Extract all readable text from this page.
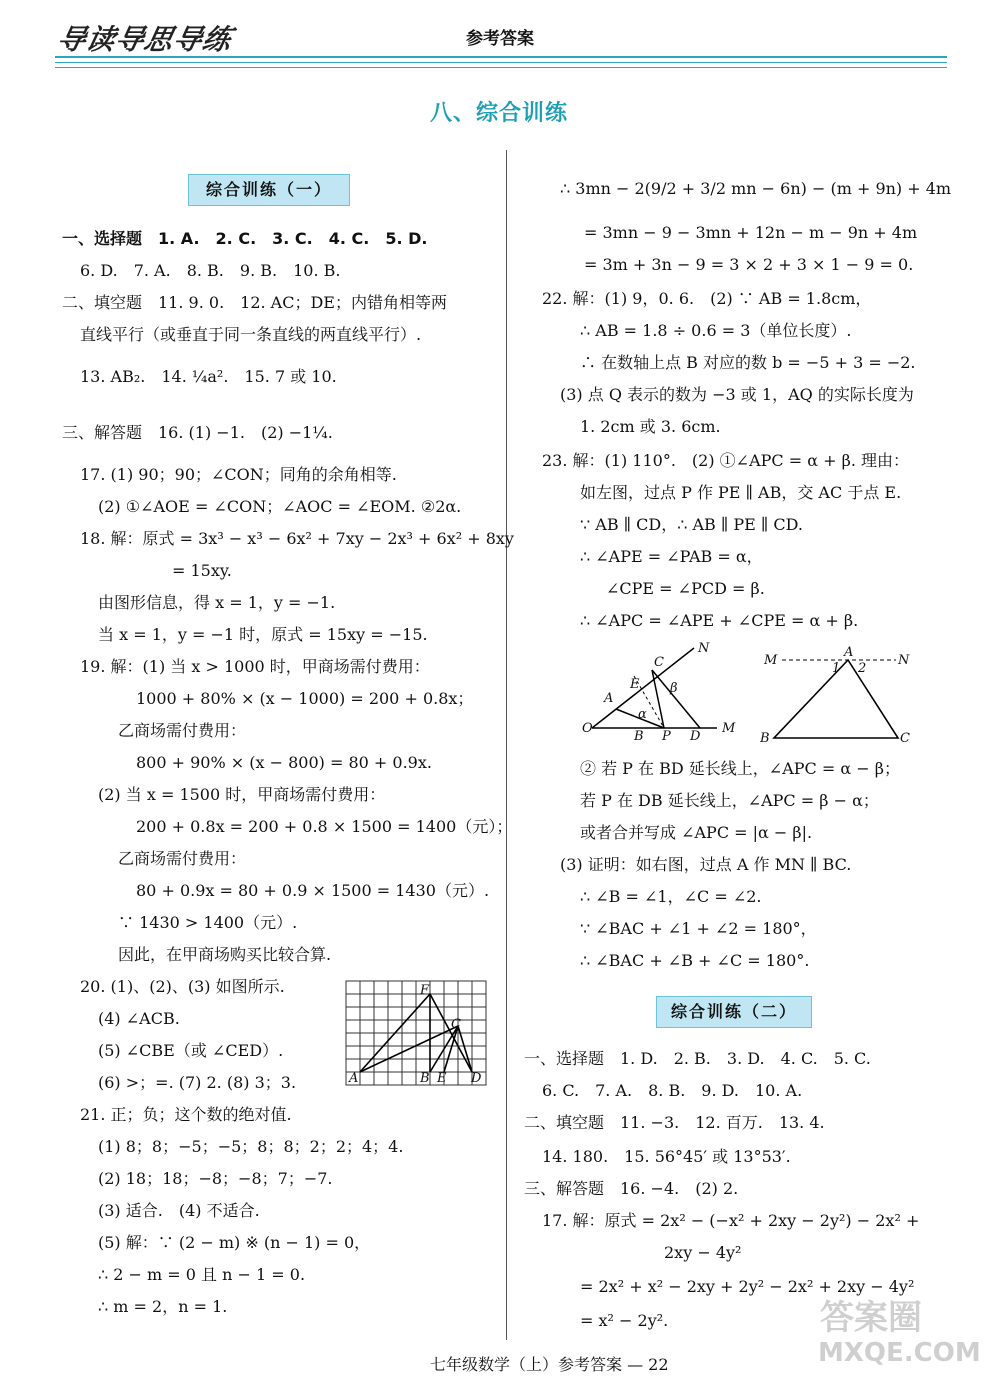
导读导思导练	参考答案
八、综合训练
综合训练（一）
一、选择题　1. A.　2. C.　3. C.　4. C.　5. D.
6. D.　7. A.　8. B.　9. B.　10. B.
二、填空题　11. 9. 0.　12. AC；DE；内错角相等两
直线平行（或垂直于同一条直线的两直线平行）.
13. AB₂.　14. ¼a².　15. 7 或 10.
三、解答题　16. (1) −1.　(2) −1¼.
17. (1) 90；90；∠CON；同角的余角相等.
(2) ①∠AOE = ∠CON；∠AOC = ∠EOM. ②2α.
18. 解：原式 = 3x³ − x³ − 6x² + 7xy − 2x³ + 6x² + 8xy
= 15xy.
由图形信息，得 x = 1，y = −1.
当 x = 1，y = −1 时，原式 = 15xy = −15.
19. 解：(1) 当 x > 1000 时，甲商场需付费用：
1000 + 80% × (x − 1000) = 200 + 0.8x；
乙商场需付费用：
800 + 90% × (x − 800) = 80 + 0.9x.
(2) 当 x = 1500 时，甲商场需付费用：
200 + 0.8x = 200 + 0.8 × 1500 = 1400（元）；
乙商场需付费用：
80 + 0.9x = 80 + 0.9 × 1500 = 1430（元）.
∵ 1430 > 1400（元）.
因此，在甲商场购买比较合算.
20. (1)、(2)、(3) 如图所示.
(4) ∠ACB.
(5) ∠CBE（或 ∠CED）.
(6) >；=. (7) 2. (8) 3；3.
21. 正；负；这个数的绝对值.
(1) 8；8；−5；−5；8；8；2；2；4；4.
(2) 18；18；−8；−8；7；−7.
(3) 适合.　(4) 不适合.
(5) 解：∵ (2 − m) ※ (n − 1) = 0，
∴ 2 − m = 0 且 n − 1 = 0.
∴ m = 2，n = 1.
F
C
A	B E D
∴ 3mn − 2(9/2 + 3/2 mn − 6n) − (m + 9n) + 4m
= 3mn − 9 − 3mn + 12n − m − 9n + 4m
= 3m + 3n − 9 = 3 × 2 + 3 × 1 − 9 = 0.
22. 解：(1) 9，0. 6.　(2) ∵ AB = 1.8cm，
∴ AB = 1.8 ÷ 0.6 = 3（单位长度）.
∴ 在数轴上点 B 对应的数 b = −5 + 3 = −2.
(3) 点 Q 表示的数为 −3 或 1，AQ 的实际长度为
1. 2cm 或 3. 6cm.
23. 解：(1) 110°.　(2) ①∠APC = α + β. 理由：
如左图，过点 P 作 PE ∥ AB，交 AC 于点 E.
∵ AB ∥ CD，∴ AB ∥ PE ∥ CD.
∴ ∠APE = ∠PAB = α，
∠CPE = ∠PCD = β.
∴ ∠APC = ∠APE + ∠CPE = α + β.
N
C
E
A
β
α
O
B P D
M
M
A
1 2
N
B	C
② 若 P 在 BD 延长线上，∠APC = α − β；
若 P 在 DB 延长线上，∠APC = β − α；
或者合并写成 ∠APC = |α − β|.
(3) 证明：如右图，过点 A 作 MN ∥ BC.
∴ ∠B = ∠1，∠C = ∠2.
∵ ∠BAC + ∠1 + ∠2 = 180°，
∴ ∠BAC + ∠B + ∠C = 180°.
综合训练（二）
一、选择题　1. D.　2. B.　3. D.　4. C.　5. C.
6. C.　7. A.　8. B.　9. D.　10. A.
二、填空题　11. −3.　12. 百万.　13. 4.
14. 180.　15. 56°45′ 或 13°53′.
三、解答题　16. −4.　(2) 2.
17. 解：原式 = 2x² − (−x² + 2xy − 2y²) − 2x² +
2xy − 4y²
= 2x² + x² − 2xy + 2y² − 2x² + 2xy − 4y²
= x² − 2y².
七年级数学（上）参考答案 — 22
答案圈
MXQE.COM
